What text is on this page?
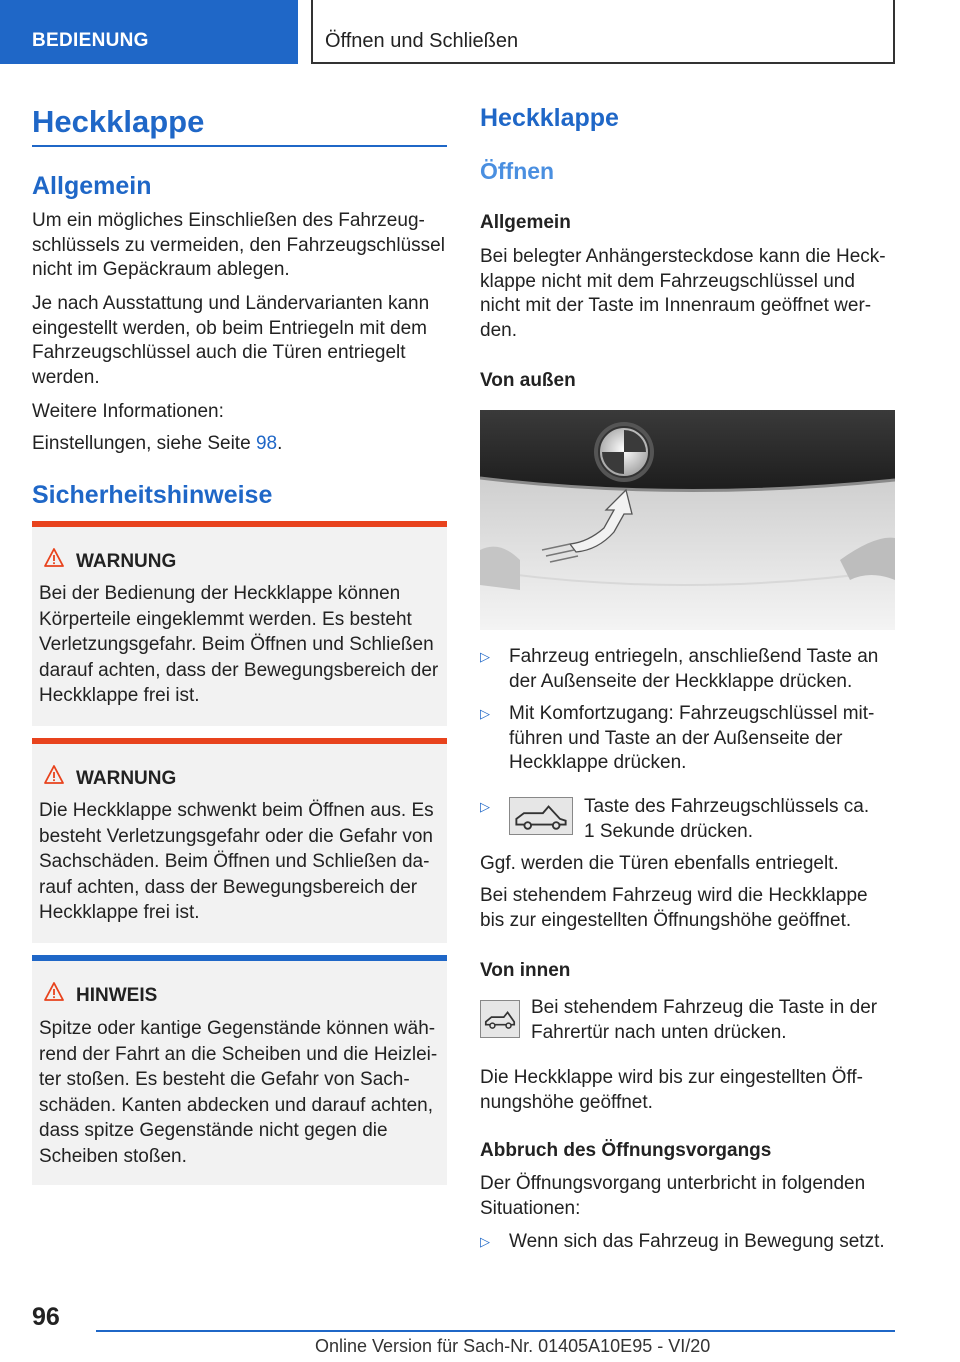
BEDIENUNG	Öffnen und Schließen
Heckklappe
Allgemein
Um ein mögliches Einschließen des Fahrzeug-
schlüssels zu vermeiden, den Fahrzeugschlüssel
nicht im Gepäckraum ablegen.
Je nach Ausstattung und Ländervarianten kann
eingestellt werden, ob beim Entriegeln mit dem
Fahrzeugschlüssel auch die Türen entriegelt
werden.
Weitere Informationen:
Einstellungen, siehe Seite 98.
Sicherheitshinweise
WARNUNG
Bei der Bedienung der Heckklappe können
Körperteile eingeklemmt werden. Es besteht
Verletzungsgefahr. Beim Öffnen und Schließen
darauf achten, dass der Bewegungsbereich der
Heckklappe frei ist.
WARNUNG
Die Heckklappe schwenkt beim Öffnen aus. Es
besteht Verletzungsgefahr oder die Gefahr von
Sachschäden. Beim Öffnen und Schließen da-
rauf achten, dass der Bewegungsbereich der
Heckklappe frei ist.
HINWEIS
Spitze oder kantige Gegenstände können wäh-
rend der Fahrt an die Scheiben und die Heizlei-
ter stoßen. Es besteht die Gefahr von Sach-
schäden. Kanten abdecken und darauf achten,
dass spitze Gegenstände nicht gegen die
Scheiben stoßen.
Heckklappe
Öffnen
Allgemein
Bei belegter Anhängersteckdose kann die Heck-
klappe nicht mit dem Fahrzeugschlüssel und
nicht mit der Taste im Innenraum geöffnet wer-
den.
Von außen
▷ Fahrzeug entriegeln, anschließend Taste an
der Außenseite der Heckklappe drücken.
▷ Mit Komfortzugang: Fahrzeugschlüssel mit-
führen und Taste an der Außenseite der
Heckklappe drücken.
▷	Taste des Fahrzeugschlüssels ca.
1 Sekunde drücken.
Ggf. werden die Türen ebenfalls entriegelt.
Bei stehendem Fahrzeug wird die Heckklappe
bis zur eingestellten Öffnungshöhe geöffnet.
Von innen
Bei stehendem Fahrzeug die Taste in der
Fahrertür nach unten drücken.
Die Heckklappe wird bis zur eingestellten Öff-
nungshöhe geöffnet.
Abbruch des Öffnungsvorgangs
Der Öffnungsvorgang unterbricht in folgenden
Situationen:
▷ Wenn sich das Fahrzeug in Bewegung setzt.
96
Online Version für Sach-Nr. 01405A10E95 - VI/20
